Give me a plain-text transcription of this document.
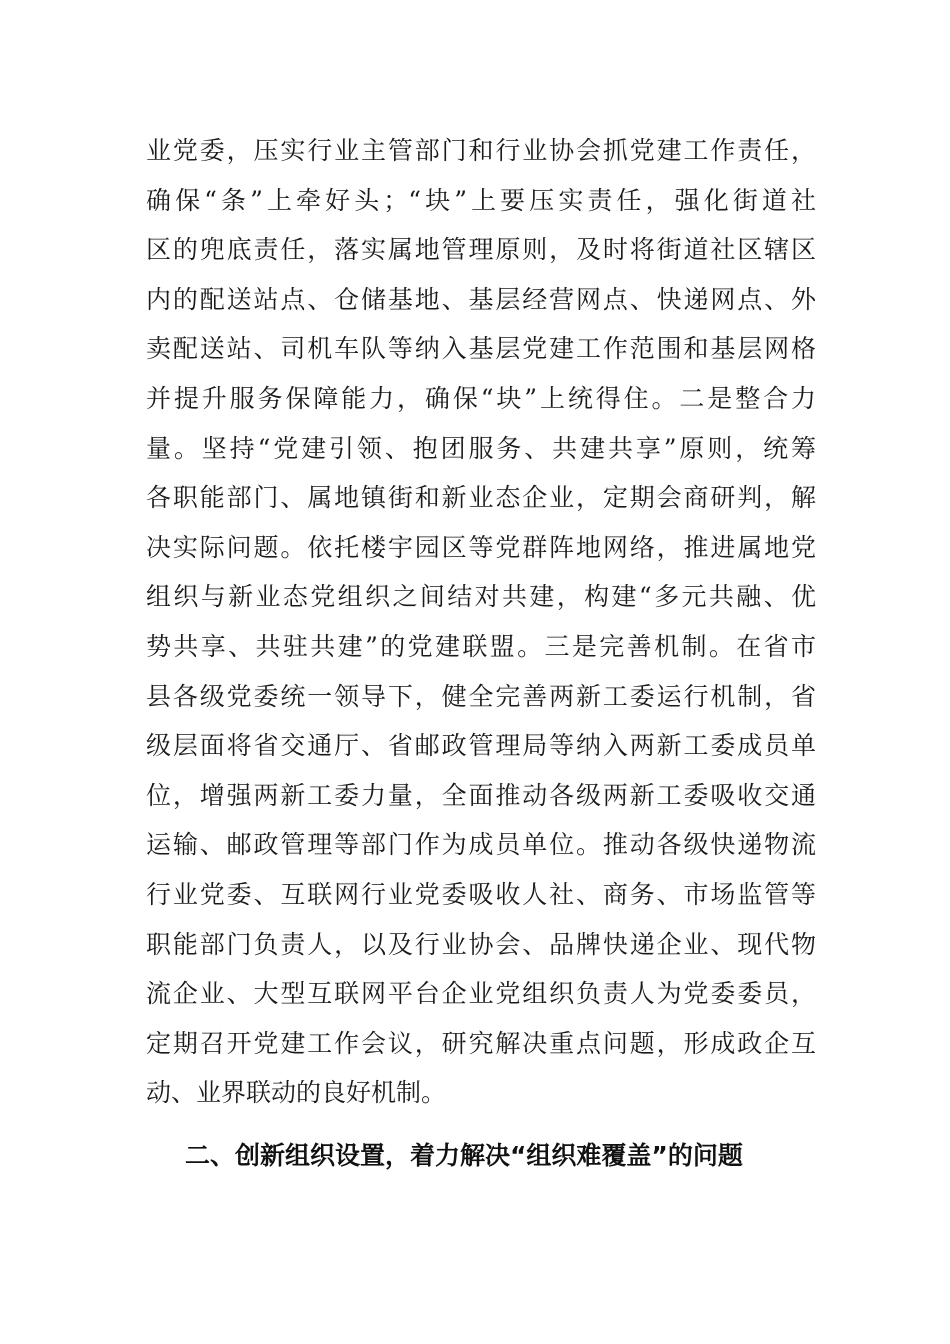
业党委，压实行业主管部门和行业协会抓党建工作责任，
确保“条”上牵好头；“块”上要压实责任，强化街道社
区的兜底责任，落实属地管理原则，及时将街道社区辖区
内的配送站点、仓储基地、基层经营网点、快递网点、外
卖配送站、司机车队等纳入基层党建工作范围和基层网格
并提升服务保障能力，确保“块”上统得住。二是整合力
量。坚持“党建引领、抱团服务、共建共享”原则，统筹
各职能部门、属地镇街和新业态企业，定期会商研判，解
决实际问题。依托楼宇园区等党群阵地网络，推进属地党
组织与新业态党组织之间结对共建，构建“多元共融、优
势共享、共驻共建”的党建联盟。三是完善机制。在省市
县各级党委统一领导下，健全完善两新工委运行机制，省
级层面将省交通厅、省邮政管理局等纳入两新工委成员单
位，增强两新工委力量，全面推动各级两新工委吸收交通
运输、邮政管理等部门作为成员单位。推动各级快递物流
行业党委、互联网行业党委吸收人社、商务、市场监管等
职能部门负责人，以及行业协会、品牌快递企业、现代物
流企业、大型互联网平台企业党组织负责人为党委委员，
定期召开党建工作会议，研究解决重点问题，形成政企互
动、业界联动的良好机制。
二、创新组织设置，着力解决“组织难覆盖”的问题
